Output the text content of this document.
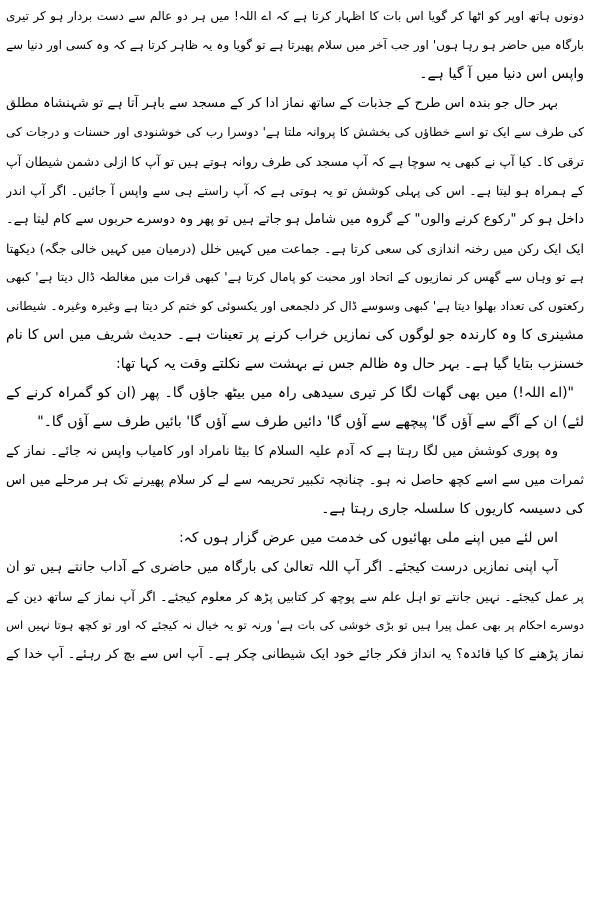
دونوں ہاتھ اوپر کو اٹھا کر گویا اس بات کا اظہار کرتا ہے کہ اے اللہ! میں ہر دو عالم سے دست بردار ہو کر تیری
بارگاہ میں حاضر ہو رہا ہوں' اور جب آخر میں سلام پھیرتا ہے تو گویا وہ یہ ظاہر کرتا ہے کہ وہ کسی اور دنیا سے
واپس اس دنیا میں آ گیا ہے۔
بہر حال جو بندہ اس طرح کے جذبات کے ساتھ نماز ادا کر کے مسجد سے باہر آتا ہے تو شہنشاہ مطلق
کی طرف سے ایک تو اسے خطاؤں کی بخشش کا پروانہ ملتا ہے' دوسرا رب کی خوشنودی اور حسنات و درجات کی
ترقی کا۔ کیا آپ نے کبھی یہ سوچا ہے کہ آپ مسجد کی طرف روانہ ہوتے ہیں تو آپ کا ازلی دشمن شیطان آپ
کے ہمراہ ہو لیتا ہے۔ اس کی پہلی کوشش تو یہ ہوتی ہے کہ آپ راستے ہی سے واپس آ جائیں۔ اگر آپ اندر
داخل ہو کر "رکوع کرنے والوں" کے گروہ میں شامل ہو جاتے ہیں تو پھر وہ دوسرے حربوں سے کام لیتا ہے۔
ایک ایک رکن میں رخنہ اندازی کی سعی کرتا ہے۔ جماعت میں کہیں خلل (درمیان میں کہیں خالی جگہ) دیکھتا
ہے تو وہاں سے گھس کر نمازیوں کے اتحاد اور محبت کو پامال کرتا ہے' کبھی قرات میں مغالطہ ڈال دیتا ہے' کبھی
رکعتوں کی تعداد بھلوا دیتا ہے' کبھی وسوسے ڈال کر دلجمعی اور یکسوئی کو ختم کر دیتا ہے وغیرہ وغیرہ۔ شیطانی
مشینری کا وہ کارندہ جو لوگوں کی نمازیں خراب کرنے پر تعینات ہے۔ حدیث شریف میں اس کا نام
خسنزب بتایا گیا ہے۔ بہر حال وہ ظالم جس نے بہشت سے نکلتے وقت یہ کہا تھا:
"(اے اللہ!) میں بھی گھات لگا کر تیری سیدھی راہ میں بیٹھ جاؤں گا۔ پھر (ان کو گمراہ کرنے کے
لئے) ان کے آگے سے آؤں گا' پیچھے سے آؤں گا' دائیں طرف سے آؤں گا' بائیں طرف سے آؤں گا۔"
وہ پوری کوشش میں لگا رہتا ہے کہ آدم علیہ السلام کا بیٹا نامراد اور کامیاب واپس نہ جائے۔ نماز کے
ثمرات میں سے اسے کچھ حاصل نہ ہو۔ چنانچہ تکبیر تحریمہ سے لے کر سلام پھیرنے تک ہر مرحلے میں اس
کی دسیسہ کاریوں کا سلسلہ جاری رہتا ہے۔
اس لئے میں اپنے ملی بھائیوں کی خدمت میں عرض گزار ہوں کہ:
آپ اپنی نمازیں درست کیجئے۔ اگر آپ اللہ تعالیٰ کی بارگاہ میں حاضری کے آداب جانتے ہیں تو ان
پر عمل کیجئے۔ نہیں جانتے تو اہل علم سے پوچھ کر کتابیں پڑھ کر معلوم کیجئے۔ اگر آپ نماز کے ساتھ دین کے
دوسرے احکام پر بھی عمل پیرا ہیں تو بڑی خوشی کی بات ہے' ورنہ تو یہ خیال نہ کیجئے کہ اور تو کچھ ہوتا نہیں اس
نماز پڑھنے کا کیا فائدہ؟ یہ انداز فکر جائے خود ایک شیطانی چکر ہے۔ آپ اس سے بچ کر رہئے۔ آپ خدا کے
